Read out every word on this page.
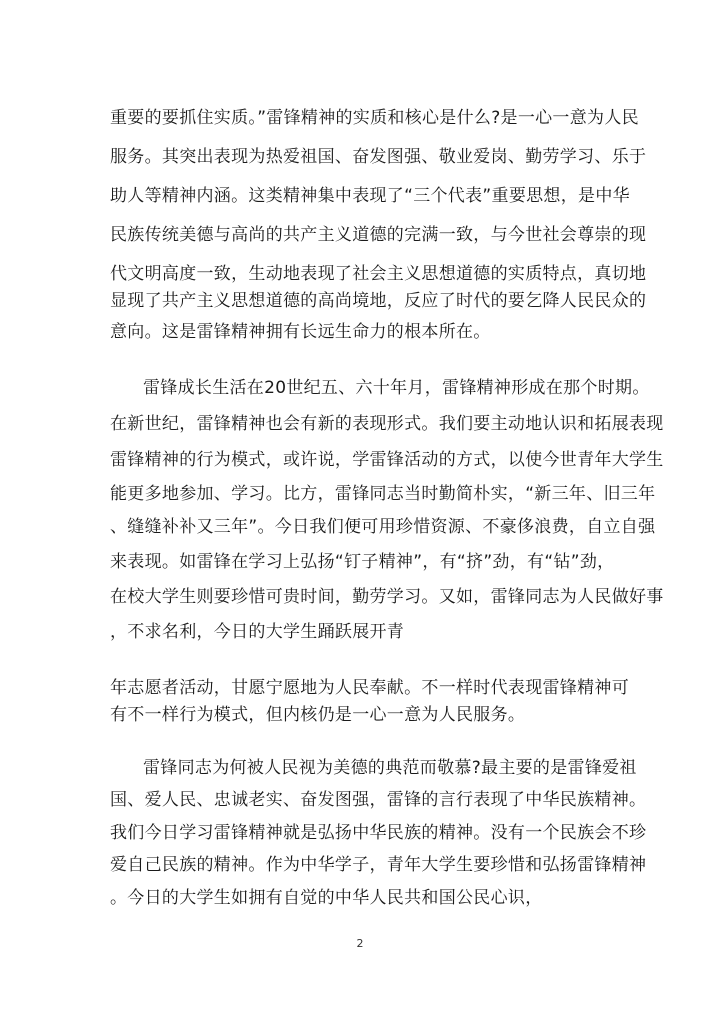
重要的要抓住实质。”雷锋精神的实质和核心是什么?是一心一意为人民
服务。其突出表现为热爱祖国、奋发图强、敬业爱岗、勤劳学习、乐于
助人等精神内涵。这类精神集中表现了“三个代表”重要思想，是中华
民族传统美德与高尚的共产主义道德的完满一致，与今世社会尊崇的现
代文明高度一致，生动地表现了社会主义思想道德的实质特点，真切地
显现了共产主义思想道德的高尚境地，反应了时代的要乞降人民民众的
意向。这是雷锋精神拥有长远生命力的根本所在。
雷锋成长生活在20世纪五、六十年月，雷锋精神形成在那个时期。
在新世纪，雷锋精神也会有新的表现形式。我们要主动地认识和拓展表现
雷锋精神的行为模式，或许说，学雷锋活动的方式，以使今世青年大学生
能更多地参加、学习。比方，雷锋同志当时勤简朴实，“新三年、旧三年
、缝缝补补又三年”。今日我们便可用珍惜资源、不豪侈浪费，自立自强
来表现。如雷锋在学习上弘扬“钉子精神”，有“挤”劲，有“钻”劲，
在校大学生则要珍惜可贵时间，勤劳学习。又如，雷锋同志为人民做好事
，不求名利，今日的大学生踊跃展开青
年志愿者活动，甘愿宁愿地为人民奉献。不一样时代表现雷锋精神可
有不一样行为模式，但内核仍是一心一意为人民服务。
雷锋同志为何被人民视为美德的典范而敬慕?最主要的是雷锋爱祖
国、爱人民、忠诚老实、奋发图强，雷锋的言行表现了中华民族精神。
我们今日学习雷锋精神就是弘扬中华民族的精神。没有一个民族会不珍
爱自己民族的精神。作为中华学子，青年大学生要珍惜和弘扬雷锋精神
。今日的大学生如拥有自觉的中华人民共和国公民心识，
2
